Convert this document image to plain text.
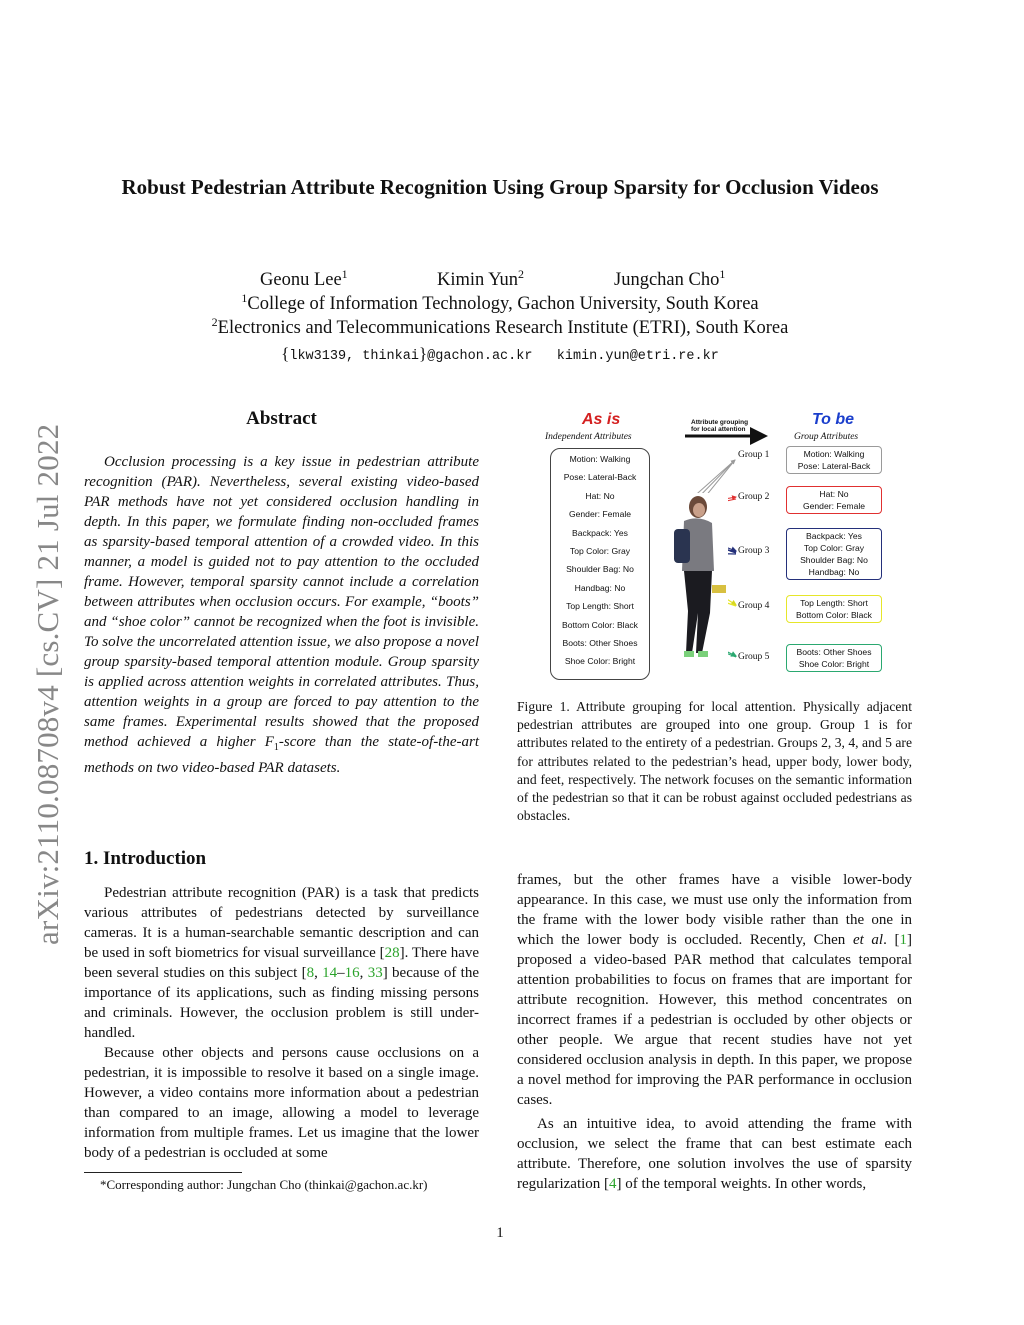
arXiv:2110.08708v4 [cs.CV] 21 Jul 2022
Robust Pedestrian Attribute Recognition Using Group Sparsity for Occlusion Videos
Geonu Lee$^1$	Kimin Yun$^2$	Jungchan Cho$^1$
$^1$College of Information Technology, Gachon University, South Korea
$^2$Electronics and Telecommunications Research Institute (ETRI), South Korea
{lkw3139, thinkai}@gachon.ac.kr kimin.yun@etri.re.kr
Abstract

Occlusion processing is a key issue in pedestrian attribute recognition (PAR). Nevertheless, several existing video-based PAR methods have not yet considered occlusion handling in depth. In this paper, we formulate finding non-occluded frames as sparsity-based temporal attention of a crowded video. In this manner, a model is guided not to pay attention to the occluded frame. However, temporal sparsity cannot include a correlation between attributes when occlusion occurs. For example, “boots” and “shoe color” cannot be recognized when the foot is invisible. To solve the uncorrelated attention issue, we also propose a novel group sparsity-based temporal attention module. Group sparsity is applied across attention weights in correlated attributes. Thus, attention weights in a group are forced to pay attention to the same frames. Experimental results showed that the proposed method achieved a higher $F_1$-score than the state-of-the-art methods on two video-based PAR datasets.

1. Introduction

Pedestrian attribute recognition (PAR) is a task that predicts various attributes of pedestrians detected by surveillance cameras. It is a human-searchable semantic description and can be used in soft biometrics for visual surveillance [28]. There have been several studies on this subject [8, 14–16, 33] because of the importance of its applications, such as finding missing persons and criminals. However, the occlusion problem is still under-handled.

Because other objects and persons cause occlusions on a pedestrian, it is impossible to resolve it based on a single image. However, a video contains more information about a pedestrian than compared to an image, allowing a model to leverage information from multiple frames. Let us imagine that the lower body of a pedestrian is occluded at some

frames, but the other frames have a visible lower-body appearance. In this case, we must use only the information from the frame with the lower body visible rather than the one in which the lower body is occluded. Recently, Chen et al. [1] proposed a video-based PAR method that calculates temporal attention probabilities to focus on frames that are important for attribute recognition. However, this method concentrates on incorrect frames if a pedestrian is occluded by other objects or other people. We argue that recent studies have not yet considered occlusion analysis in depth. In this paper, we propose a novel method for improving the PAR performance in occlusion cases.

As an intuitive idea, to avoid attending the frame with occlusion, we select the frame that can best estimate each attribute. Therefore, one solution involves the use of sparsity regularization [4] of the temporal weights. In other words,

*Corresponding author: Jungchan Cho (thinkai@gachon.ac.kr)
1
As is
Independent Attributes
Attribute grouping
for local attention
To be
Group Attributes
Motion: Walking
Pose: Lateral-Back
Hat: No
Gender: Female
Backpack: Yes
Top Color: Gray
Shoulder Bag: No
Handbag: No
Top Length: Short
Bottom Color: Black
Boots: Other Shoes
Shoe Color: Bright
Group 1
Group 2
Group 3
Group 4
Group 5
Motion: Walking
Pose: Lateral-Back
Hat: No
Gender: Female
Backpack: Yes
Top Color: Gray
Shoulder Bag: No
Handbag: No
Top Length: Short
Bottom Color: Black
Boots: Other Shoes
Shoe Color: Bright

Figure 1. Attribute grouping for local attention. Physically adjacent pedestrian attributes are grouped into one group. Group 1 is for attributes related to the entirety of a pedestrian. Groups 2, 3, 4, and 5 are for attributes related to the pedestrian’s head, upper body, lower body, and feet, respectively. The network focuses on the semantic information of the pedestrian so that it can be robust against occluded pedestrians as obstacles.
